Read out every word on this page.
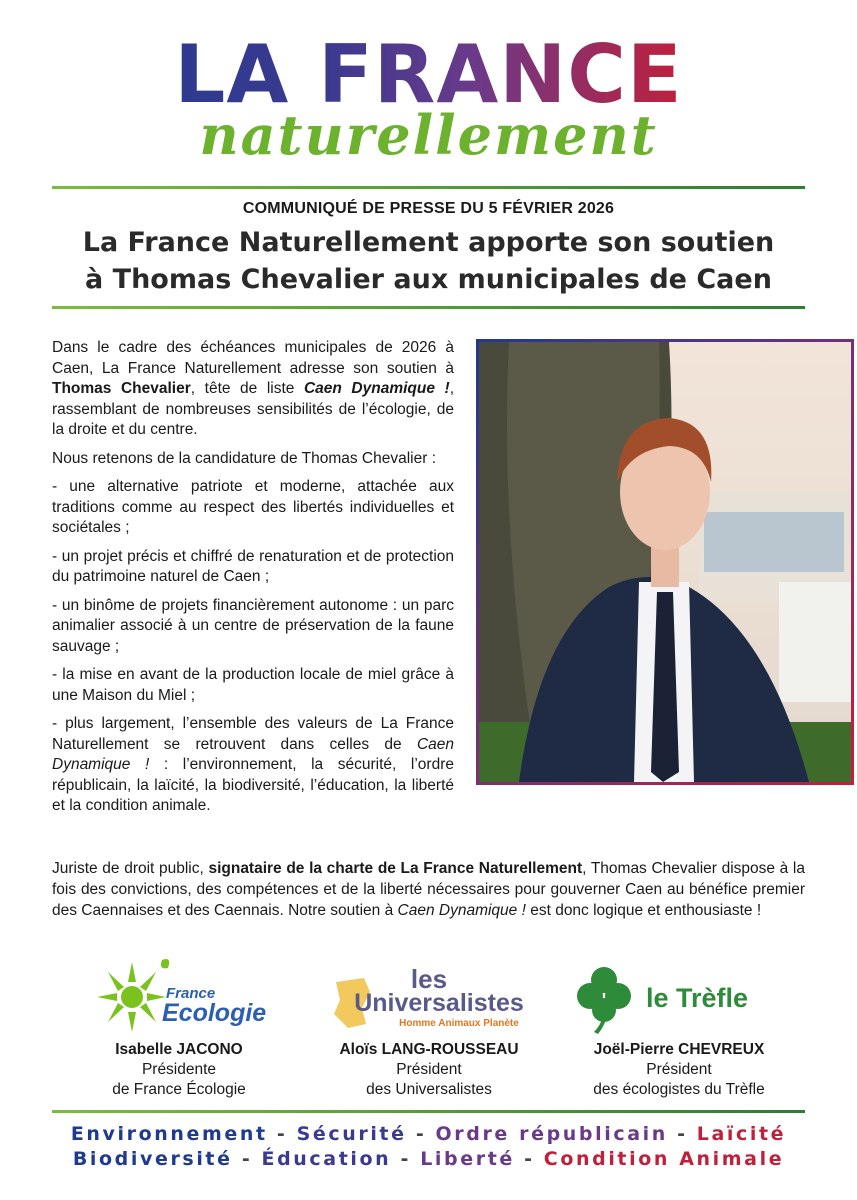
LA FRANCE
naturellement
COMMUNIQUÉ DE PRESSE DU 5 FÉVRIER 2026
La France Naturellement apporte son soutien
à Thomas Chevalier aux municipales de Caen

Dans le cadre des échéances municipales de 2026 à Caen, La France Naturellement adresse son soutien à Thomas Chevalier, tête de liste Caen Dynamique !, rassemblant de nombreuses sensibilités de l’écologie, de la droite et du centre.

Nous retenons de la candidature de Thomas Chevalier :

- une alternative patriote et moderne, attachée aux traditions comme au respect des libertés individuelles et sociétales ;

- un projet précis et chiffré de renaturation et de protection du patrimoine naturel de Caen ;

- un binôme de projets financièrement autonome : un parc animalier associé à un centre de préservation de la faune sauvage ;

- la mise en avant de la production locale de miel grâce à une Maison du Miel ;

- plus largement, l’ensemble des valeurs de La France Naturellement se retrouvent dans celles de Caen Dynamique ! : l’environnement, la sécurité, l’ordre républicain, la laïcité, la biodiversité, l’éducation, la liberté et la condition animale.

Juriste de droit public, signataire de la charte de La France Naturellement, Thomas Chevalier dispose à la fois des convictions, des compétences et de la liberté nécessaires pour gouverner Caen au bénéfice premier des Caennaises et des Caennais. Notre soutien à Caen Dynamique ! est donc logique et enthousiaste !

France
Ecologie
Isabelle JACONO
Présidente
de France Écologie
les
Universalistes
Homme Animaux Planète
Aloïs LANG-ROUSSEAU
Président
des Universalistes
le Trèfle
Joël-Pierre CHEVREUX
Président
des écologistes du Trèfle
Environnement - Sécurité - Ordre républicain - Laïcité
Biodiversité - Éducation - Liberté - Condition Animale
